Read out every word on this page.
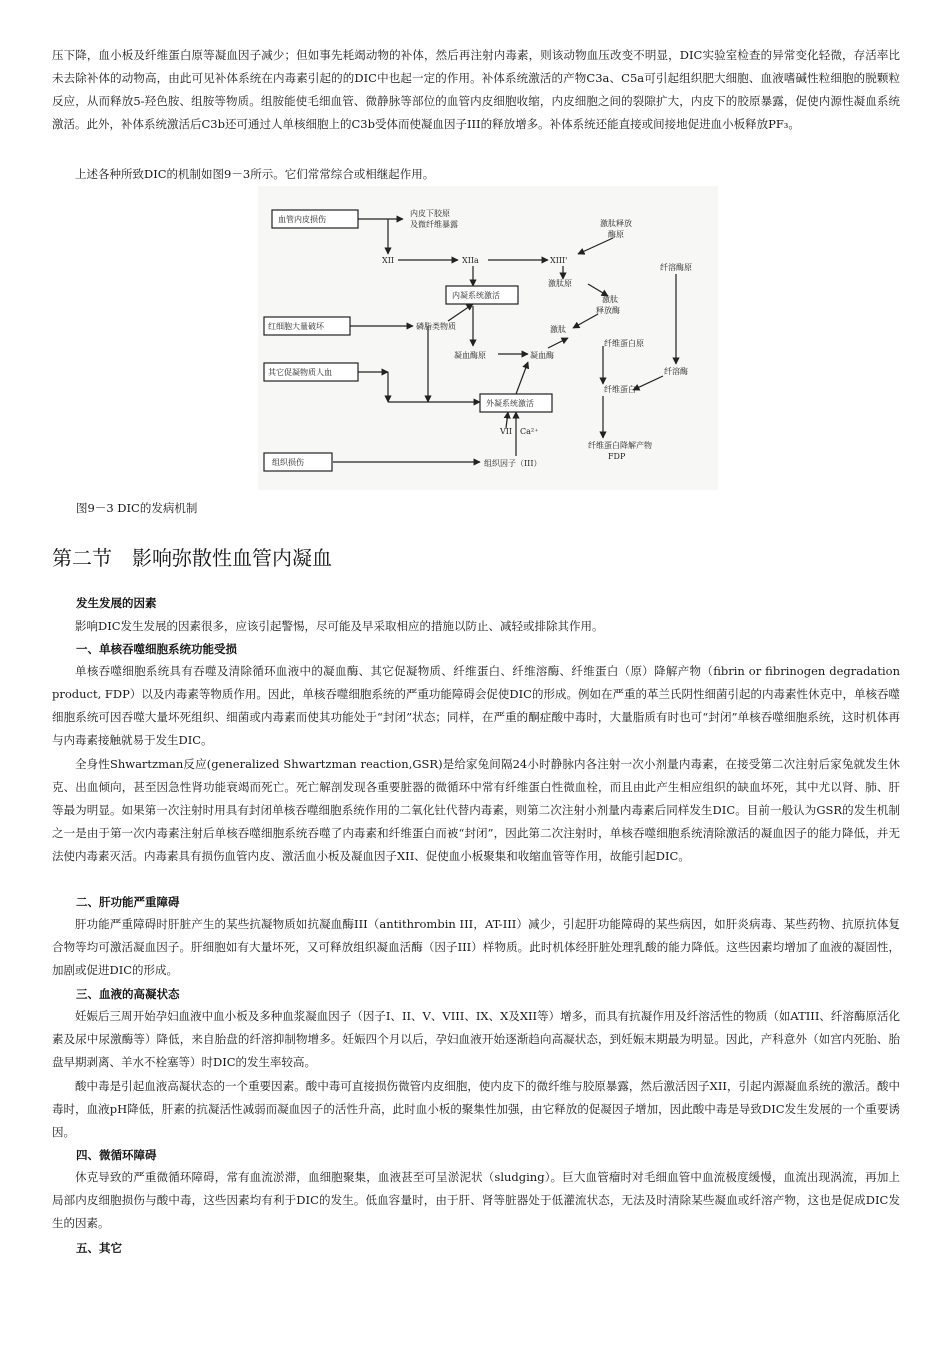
压下降，血小板及纤维蛋白原等凝血因子减少；但如事先耗竭动物的补体，然后再注射内毒素，则该动物血压改变不明显，DIC实验室检查的异常变化轻微，存活率比未去除补体的动物高，由此可见补体系统在内毒素引起的的DIC中也起一定的作用。补体系统激活的产物C3a、C5a可引起组织肥大细胞、血液嗜碱性粒细胞的脱颗粒反应，从而释放5-羟色胺、组胺等物质。组胺能使毛细血管、微静脉等部位的血管内皮细胞收缩，内皮细胞之间的裂隙扩大，内皮下的胶原暴露，促使内源性凝血系统激活。此外，补体系统激活后C3b还可通过人单核细胞上的C3b受体而使凝血因子III的释放增多。补体系统还能直接或间接地促进血小板释放PF₃。

上述各种所致DIC的机制如图9－3所示。它们常常综合或相继起作用。

血管内皮损伤
内凝系统激活
红细胞大量破坏
其它促凝物质人血
外凝系统激活
组织损伤
内皮下胶原
及微纤维暴露
XII	XIIa	XIII'
激肽释放
酶原
纤溶酶原
激肽原
激肽
释放酶
磷脂类物质	激肽
纤维蛋白原
凝血酶原	凝血酶
纤溶酶
纤维蛋白
VII Ca²⁺
纤维蛋白降解产物
FDP
组织因子（III）
图9－3 DIC的发病机制
第二节　影响弥散性血管内凝血
发生发展的因素

影响DIC发生发展的因素很多，应该引起警惕，尽可能及早采取相应的措施以防止、减轻或排除其作用。

一、单核吞噬细胞系统功能受损

单核吞噬细胞系统具有吞噬及清除循环血液中的凝血酶、其它促凝物质、纤维蛋白、纤维溶酶、纤维蛋白（原）降解产物（fibrin or fibrinogen degradation product, FDP）以及内毒素等物质作用。因此，单核吞噬细胞系统的严重功能障碍会促使DIC的形成。例如在严重的革兰氏阴性细菌引起的内毒素性休克中，单核吞噬细胞系统可因吞噬大量坏死组织、细菌或内毒素而使其功能处于“封闭”状态；同样，在严重的酮症酸中毒时，大量脂质有时也可“封闭”单核吞噬细胞系统，这时机体再与内毒素接触就易于发生DIC。

全身性Shwartzman反应(generalized Shwartzman reaction,GSR)是给家兔间隔24小时静脉内各注射一次小剂量内毒素，在接受第二次注射后家兔就发生休克、出血倾向，甚至因急性肾功能衰竭而死亡。死亡解剖发现各重要脏器的微循环中常有纤维蛋白性微血栓，而且由此产生相应组织的缺血坏死，其中尤以肾、肺、肝等最为明显。如果第一次注射时用具有封闭单核吞噬细胞系统作用的二氧化钍代替内毒素，则第二次注射小剂量内毒素后同样发生DIC。目前一般认为GSR的发生机制之一是由于第一次内毒素注射后单核吞噬细胞系统吞噬了内毒素和纤维蛋白而被“封闭”，因此第二次注射时，单核吞噬细胞系统清除激活的凝血因子的能力降低，并无法使内毒素灭活。内毒素具有损伤血管内皮、激活血小板及凝血因子XII、促使血小板聚集和收缩血管等作用，故能引起DIC。

二、肝功能严重障碍

肝功能严重障碍时肝脏产生的某些抗凝物质如抗凝血酶III（antithrombin III，AT-III）减少，引起肝功能障碍的某些病因，如肝炎病毒、某些药物、抗原抗体复合物等均可激活凝血因子。肝细胞如有大量坏死，又可释放组织凝血活酶（因子III）样物质。此时机体经肝脏处理乳酸的能力降低。这些因素均增加了血液的凝固性，加剧或促进DIC的形成。

三、血液的高凝状态

妊娠后三周开始孕妇血液中血小板及多种血浆凝血因子（因子I、II、V、VIII、IX、X及XII等）增多，而具有抗凝作用及纤溶活性的物质（如ATIII、纤溶酶原活化素及尿中尿激酶等）降低，来自胎盘的纤溶抑制物增多。妊娠四个月以后，孕妇血液开始逐渐趋向高凝状态，到妊娠末期最为明显。因此，产科意外（如宫内死胎、胎盘早期剥离、羊水不栓塞等）时DIC的发生率较高。

酸中毒是引起血液高凝状态的一个重要因素。酸中毒可直接损伤微管内皮细胞，使内皮下的微纤维与胶原暴露，然后激活因子XII，引起内源凝血系统的激活。酸中毒时，血液pH降低，肝素的抗凝活性减弱而凝血因子的活性升高，此时血小板的聚集性加强，由它释放的促凝因子增加，因此酸中毒是导致DIC发生发展的一个重要诱因。

四、微循环障碍

休克导致的严重微循环障碍，常有血流淤滞，血细胞聚集，血液甚至可呈淤泥状（sludging）。巨大血管瘤时对毛细血管中血流极度缓慢，血流出现涡流，再加上局部内皮细胞损伤与酸中毒，这些因素均有利于DIC的发生。低血容量时，由于肝、肾等脏器处于低灌流状态，无法及时清除某些凝血或纤溶产物，这也是促成DIC发生的因素。

五、其它
